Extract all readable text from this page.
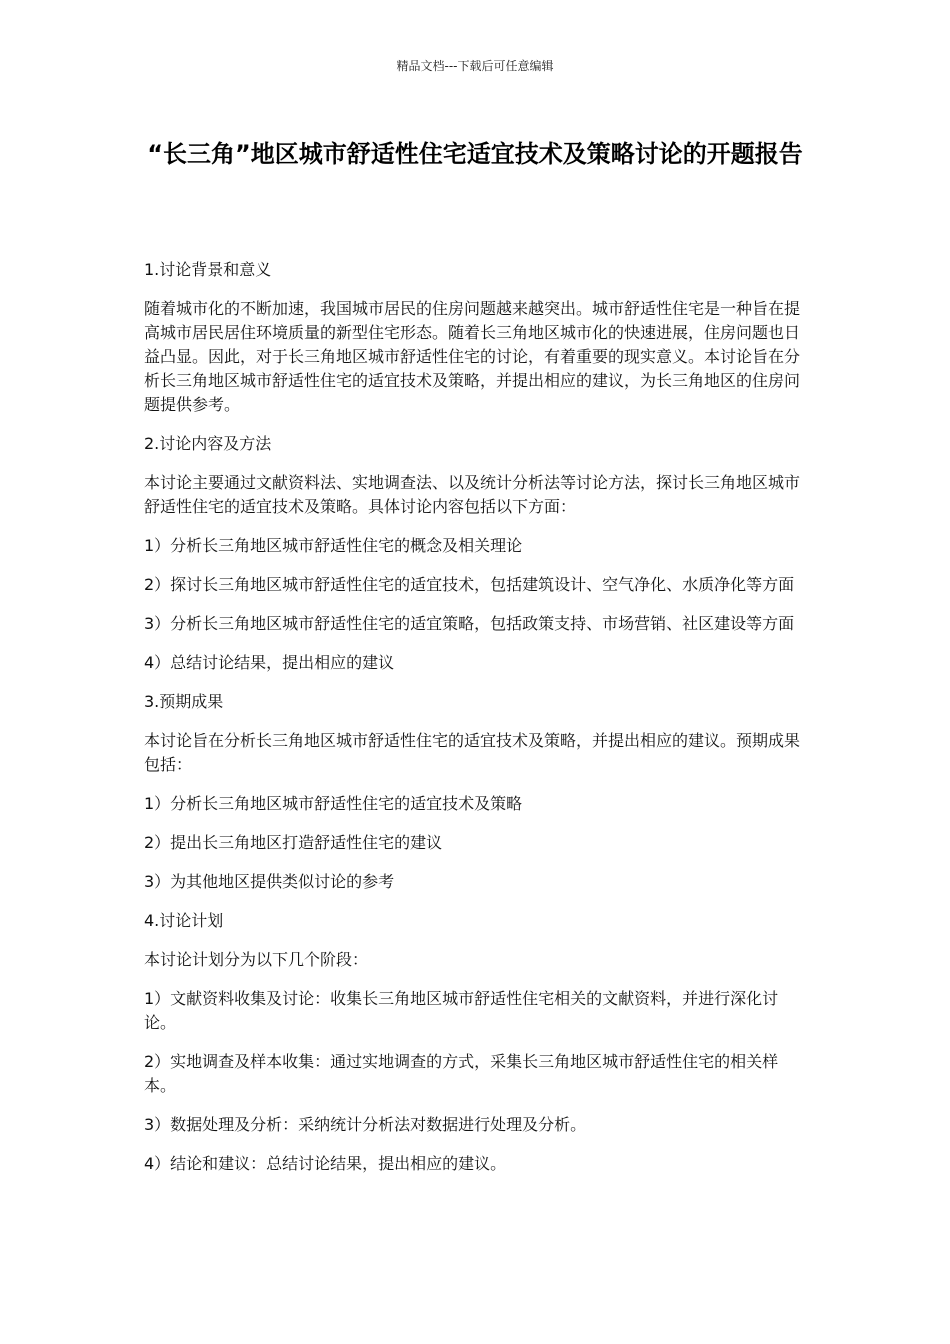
精品文档---下载后可任意编辑
“长三角”地区城市舒适性住宅适宜技术及策略讨论的开题报告

1.讨论背景和意义

随着城市化的不断加速，我国城市居民的住房问题越来越突出。城市舒适性住宅是一种旨在提高城市居民居住环境质量的新型住宅形态。随着长三角地区城市化的快速进展，住房问题也日益凸显。因此，对于长三角地区城市舒适性住宅的讨论，有着重要的现实意义。本讨论旨在分析长三角地区城市舒适性住宅的适宜技术及策略，并提出相应的建议，为长三角地区的住房问题提供参考。

2.讨论内容及方法

本讨论主要通过文献资料法、实地调查法、以及统计分析法等讨论方法，探讨长三角地区城市舒适性住宅的适宜技术及策略。具体讨论内容包括以下方面：

1）分析长三角地区城市舒适性住宅的概念及相关理论

2）探讨长三角地区城市舒适性住宅的适宜技术，包括建筑设计、空气净化、水质净化等方面

3）分析长三角地区城市舒适性住宅的适宜策略，包括政策支持、市场营销、社区建设等方面

4）总结讨论结果，提出相应的建议

3.预期成果

本讨论旨在分析长三角地区城市舒适性住宅的适宜技术及策略，并提出相应的建议。预期成果包括：

1）分析长三角地区城市舒适性住宅的适宜技术及策略

2）提出长三角地区打造舒适性住宅的建议

3）为其他地区提供类似讨论的参考

4.讨论计划

本讨论计划分为以下几个阶段：

1）文献资料收集及讨论：收集长三角地区城市舒适性住宅相关的文献资料，并进行深化讨论。

2）实地调查及样本收集：通过实地调查的方式，采集长三角地区城市舒适性住宅的相关样本。

3）数据处理及分析：采纳统计分析法对数据进行处理及分析。

4）结论和建议：总结讨论结果，提出相应的建议。
